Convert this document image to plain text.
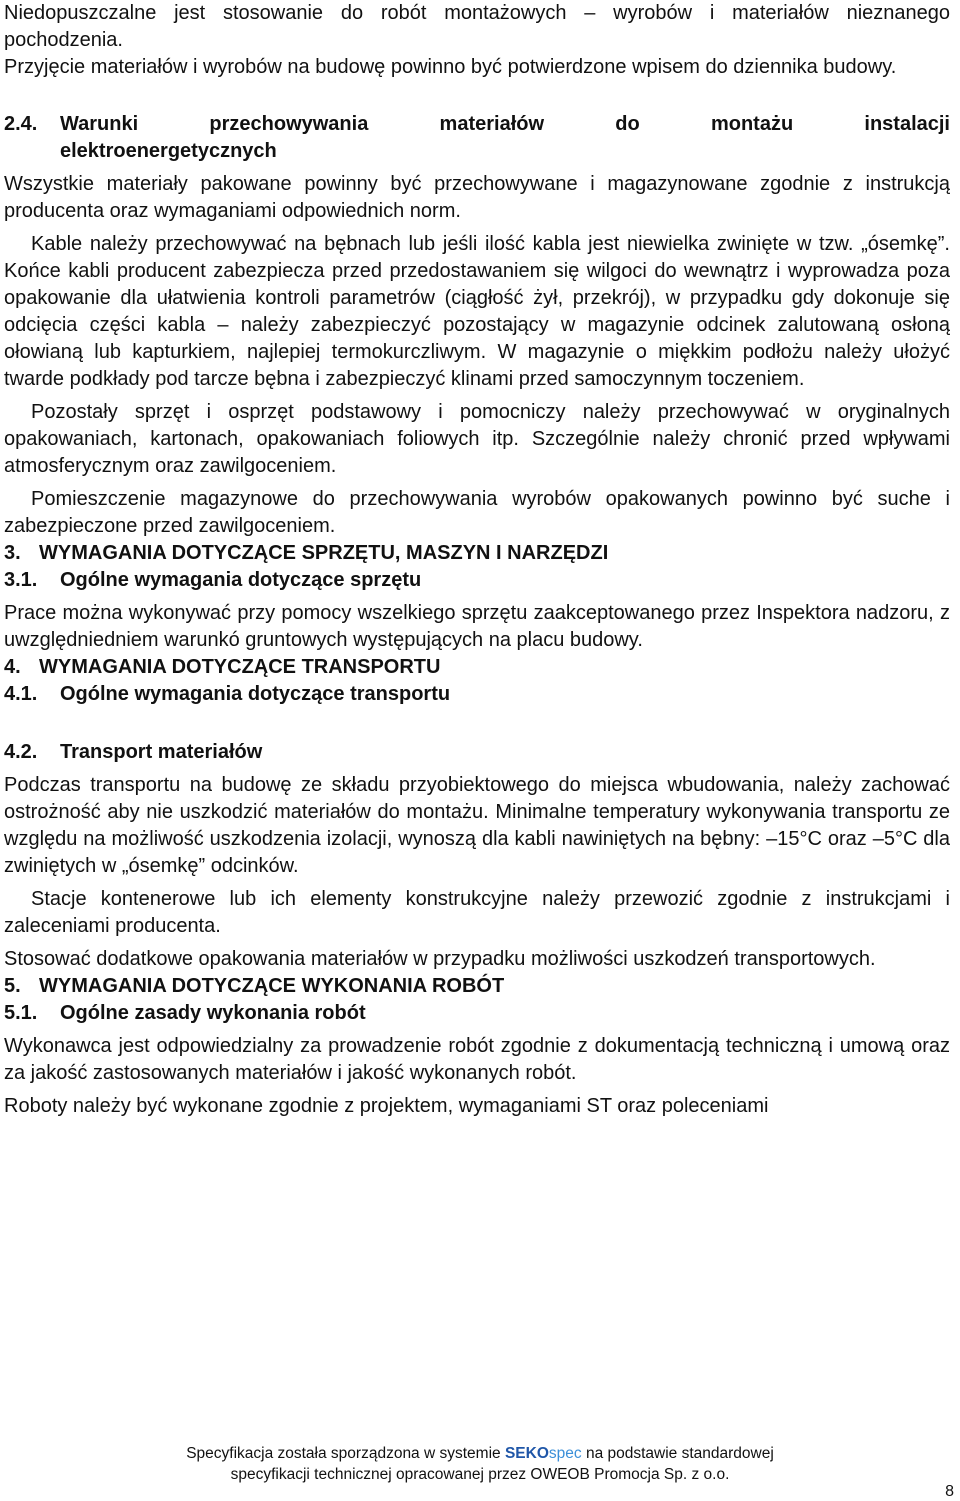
Niedopuszczalne jest stosowanie do robót montażowych – wyrobów i materiałów nieznanego pochodzenia.

Przyjęcie materiałów i wyrobów na budowę powinno być potwierdzone wpisem do dziennika budowy.

2.4.	Warunki przechowywania materiałów do montażu instalacji
elektroenergetycznych

Wszystkie materiały pakowane powinny być przechowywane i magazynowane zgodnie z instrukcją producenta oraz wymaganiami odpowiednich norm.

Kable należy przechowywać na bębnach lub jeśli ilość kabla jest niewielka zwinięte w tzw. „ósemkę”. Końce kabli producent zabezpiecza przed przedostawaniem się wilgoci do wewnątrz i wyprowadza poza opakowanie dla ułatwienia kontroli parametrów (ciągłość żył, przekrój), w przypadku gdy dokonuje się odcięcia części kabla – należy zabezpieczyć pozostający w magazynie odcinek zalutowaną osłoną ołowianą lub kapturkiem, najlepiej termokurczliwym. W magazynie o miękkim podłożu należy ułożyć twarde podkłady pod tarcze bębna i zabezpieczyć klinami przed samoczynnym toczeniem.

Pozostały sprzęt i osprzęt podstawowy i pomocniczy należy przechowywać w oryginalnych opakowaniach, kartonach, opakowaniach foliowych itp. Szczególnie należy chronić przed wpływami atmosferycznym oraz zawilgoceniem.

Pomieszczenie magazynowe do przechowywania wyrobów opakowanych powinno być suche i zabezpieczone przed zawilgoceniem.

3. WYMAGANIA DOTYCZĄCE SPRZĘTU, MASZYN I NARZĘDZI
3.1. Ogólne wymagania dotyczące sprzętu

Prace można wykonywać przy pomocy wszelkiego sprzętu zaakceptowanego przez Inspektora nadzoru, z uwzględniedniem warunkó gruntowych występujących na placu budowy.

4. WYMAGANIA DOTYCZĄCE TRANSPORTU
4.1. Ogólne wymagania dotyczące transportu
4.2. Transport materiałów

Podczas transportu na budowę ze składu przyobiektowego do miejsca wbudowania, należy zachować ostrożność aby nie uszkodzić materiałów do montażu. Minimalne temperatury wykonywania transportu ze względu na możliwość uszkodzenia izolacji, wynoszą dla kabli nawiniętych na bębny: –15°C oraz –5°C dla zwiniętych w „ósemkę” odcinków.

Stacje kontenerowe lub ich elementy konstrukcyjne należy przewozić zgodnie z instrukcjami i zaleceniami producenta.

Stosować dodatkowe opakowania materiałów w przypadku możliwości uszkodzeń transportowych.

5. WYMAGANIA DOTYCZĄCE WYKONANIA ROBÓT
5.1. Ogólne zasady wykonania robót

Wykonawca jest odpowiedzialny za prowadzenie robót zgodnie z dokumentacją techniczną i umową oraz za jakość zastosowanych materiałów i jakość wykonanych robót.

Roboty należy być wykonane zgodnie z projektem, wymaganiami ST oraz poleceniami

Specyfikacja została sporządzona w systemie SEKOspec na podstawie standardowej
specyfikacji technicznej opracowanej przez OWEOB Promocja Sp. z o.o.
8
